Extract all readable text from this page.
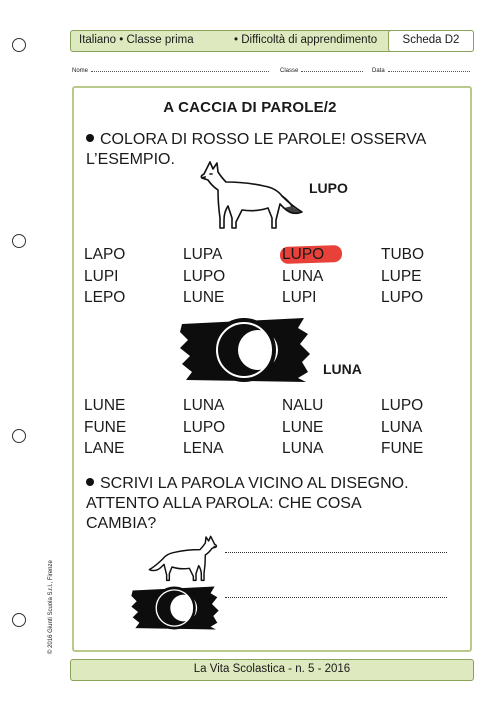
Italiano • Classe prima	• Difficoltà di apprendimento	Scheda D2
Nome	Classe	Data
A CACCIA DI PAROLE/2
COLORA DI ROSSO LE PAROLE! OSSERVA
L’ESEMPIO.
LUPO
LAPO	LUPA	LUPO	TUBO
LUPI	LUPO	LUNA	LUPE
LEPO	LUNE	LUPI	LUPO
LUNA
LUNE	LUNA	NALU	LUPO
FUNE	LUPO	LUNE	LUNA
LANE	LENA	LUNA	FUNE
SCRIVI LA PAROLA VICINO AL DISEGNO.
ATTENTO ALLA PAROLA: CHE COSA
CAMBIA?
© 2016 Giunti Scuola S.r.l., Firenze
La Vita Scolastica - n. 5 - 2016
